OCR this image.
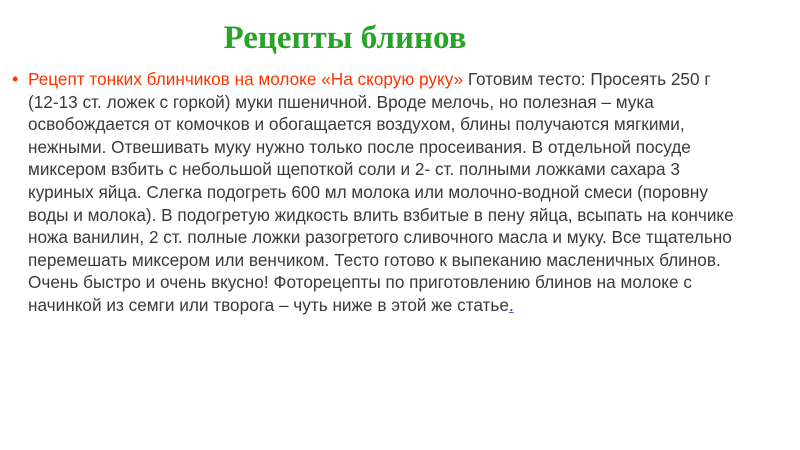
Рецепты блинов
• Рецепт тонких блинчиков на молоке «На скорую руку» Готовим тесто: Просеять 250 г (12-13 ст. ложек с горкой) муки пшеничной. Вроде мелочь, но полезная – мука освобождается от комочков и обогащается воздухом, блины получаются мягкими, нежными. Отвешивать муку нужно только после просеивания. В отдельной посуде миксером взбить с небольшой щепоткой соли и 2- ст. полными ложками сахара 3 куриных яйца. Слегка подогреть 600 мл молока или молочно-водной смеси (поровну воды и молока). В подогретую жидкость влить взбитые в пену яйца, всыпать на кончике ножа ванилин, 2 ст. полные ложки разогретого сливочного масла и муку. Все тщательно перемешать миксером или венчиком. Тесто готово к выпеканию масленичных блинов. Очень быстро и очень вкусно! Фоторецепты по приготовлению блинов на молоке с начинкой из семги или творога – чуть ниже в этой же статье.
